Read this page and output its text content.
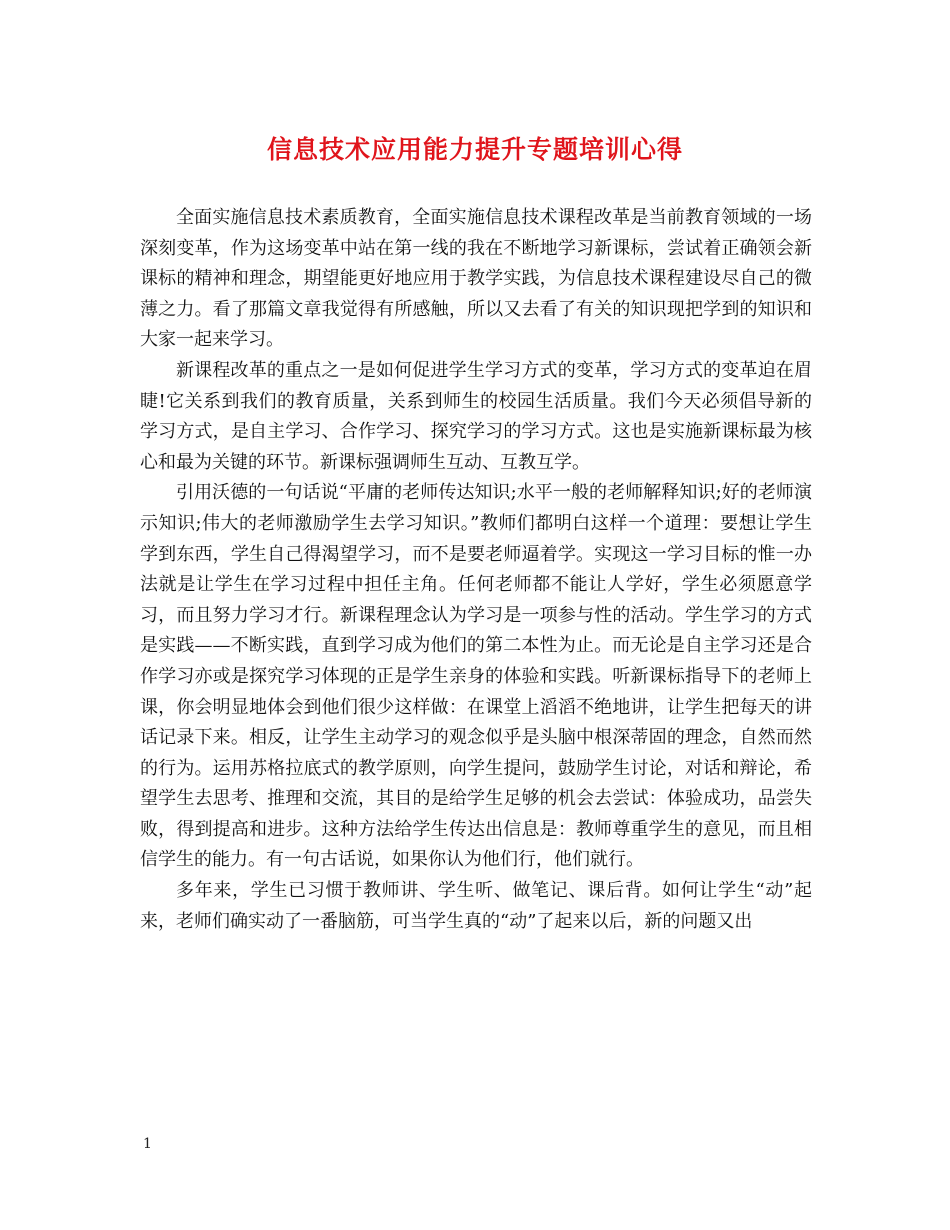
信息技术应用能力提升专题培训心得

全面实施信息技术素质教育，全面实施信息技术课程改革是当前教育领域的一场深刻变革，作为这场变革中站在第一线的我在不断地学习新课标，尝试着正确领会新课标的精神和理念，期望能更好地应用于教学实践，为信息技术课程建设尽自己的微薄之力。看了那篇文章我觉得有所感触，所以又去看了有关的知识现把学到的知识和大家一起来学习。

新课程改革的重点之一是如何促进学生学习方式的变革，学习方式的变革迫在眉睫!它关系到我们的教育质量，关系到师生的校园生活质量。我们今天必须倡导新的学习方式，是自主学习、合作学习、探究学习的学习方式。这也是实施新课标最为核心和最为关键的环节。新课标强调师生互动、互教互学。

引用沃德的一句话说“平庸的老师传达知识;水平一般的老师解释知识;好的老师演示知识;伟大的老师激励学生去学习知识。”教师们都明白这样一个道理：要想让学生学到东西，学生自己得渴望学习，而不是要老师逼着学。实现这一学习目标的惟一办法就是让学生在学习过程中担任主角。任何老师都不能让人学好，学生必须愿意学习，而且努力学习才行。新课程理念认为学习是一项参与性的活动。学生学习的方式是实践——不断实践，直到学习成为他们的第二本性为止。而无论是自主学习还是合作学习亦或是探究学习体现的正是学生亲身的体验和实践。听新课标指导下的老师上课，你会明显地体会到他们很少这样做：在课堂上滔滔不绝地讲，让学生把每天的讲话记录下来。相反，让学生主动学习的观念似乎是头脑中根深蒂固的理念，自然而然的行为。运用苏格拉底式的教学原则，向学生提问，鼓励学生讨论，对话和辩论，希望学生去思考、推理和交流，其目的是给学生足够的机会去尝试：体验成功，品尝失败，得到提高和进步。这种方法给学生传达出信息是：教师尊重学生的意见，而且相信学生的能力。有一句古话说，如果你认为他们行，他们就行。

多年来，学生已习惯于教师讲、学生听、做笔记、课后背。如何让学生“动”起来，老师们确实动了一番脑筋，可当学生真的“动”了起来以后，新的问题又出

1
